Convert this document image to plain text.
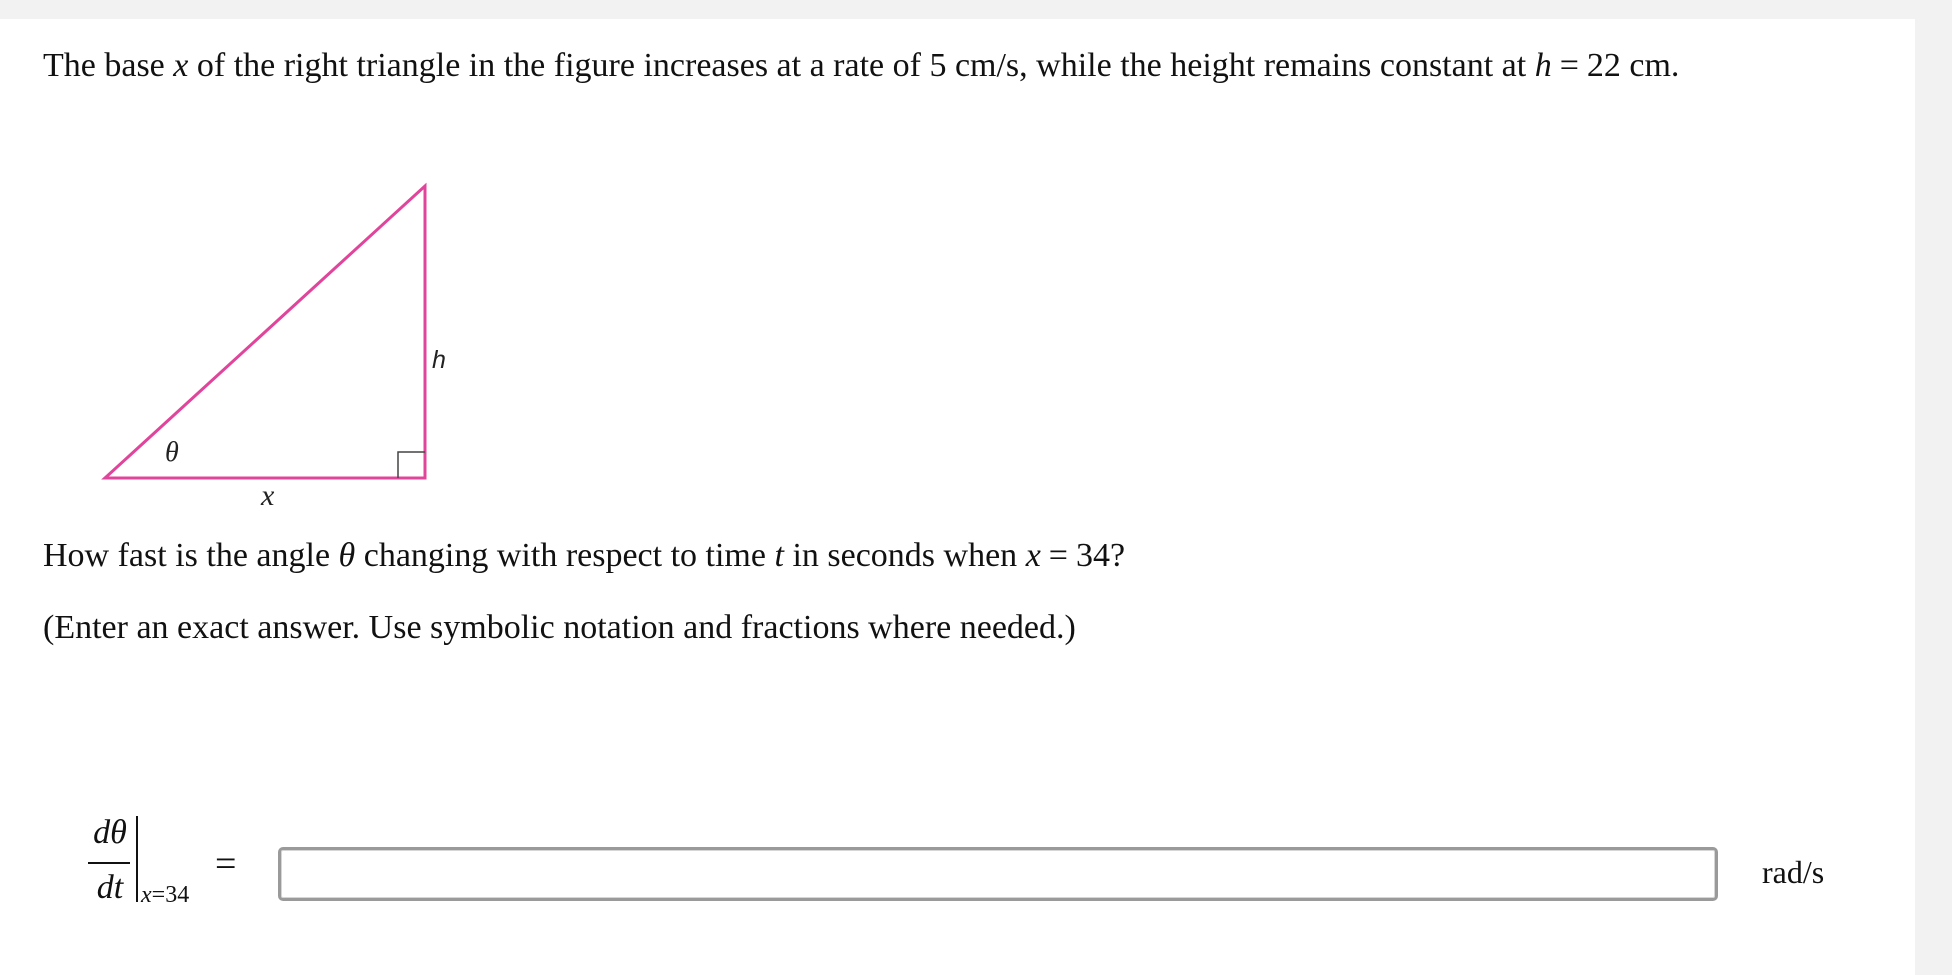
The base x of the right triangle in the figure increases at a rate of 5 cm/s, while the height remains constant at h = 22 cm.
h
θ
x
How fast is the angle θ changing with respect to time t in seconds when x = 34?
(Enter an exact answer. Use symbolic notation and fractions where needed.)
dθ
dt x=34
=	rad/s
